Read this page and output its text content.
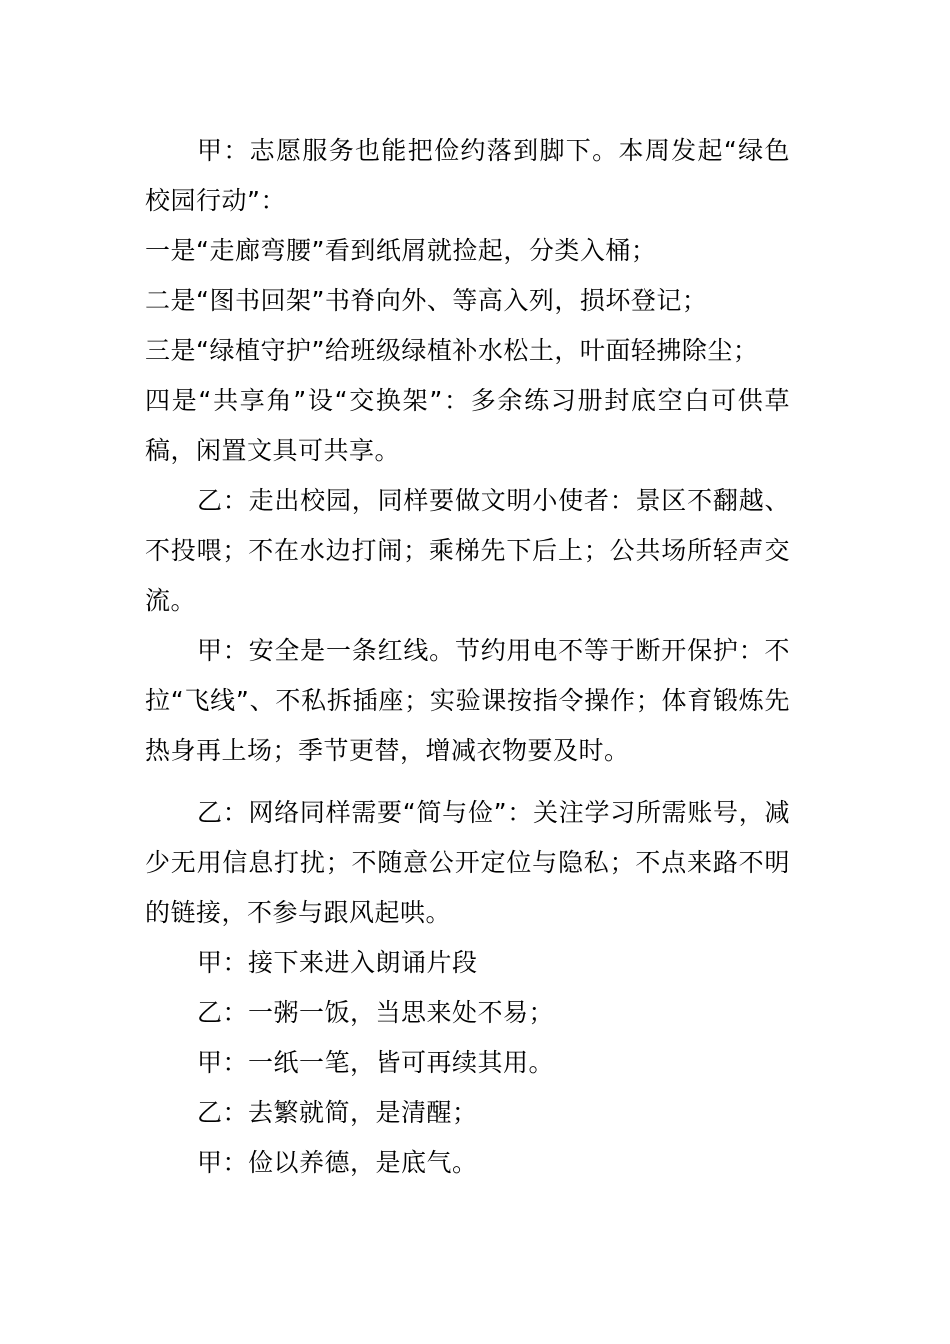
甲：志愿服务也能把俭约落到脚下。本周发起“绿色校园行动”：

一是“走廊弯腰”看到纸屑就捡起，分类入桶；

二是“图书回架”书脊向外、等高入列，损坏登记；

三是“绿植守护”给班级绿植补水松土，叶面轻拂除尘；

四是“共享角”设“交换架”：多余练习册封底空白可供草稿，闲置文具可共享。

乙：走出校园，同样要做文明小使者：景区不翻越、不投喂；不在水边打闹；乘梯先下后上；公共场所轻声交流。

甲：安全是一条红线。节约用电不等于断开保护：不拉“飞线”、不私拆插座；实验课按指令操作；体育锻炼先热身再上场；季节更替，增减衣物要及时。

乙：网络同样需要“简与俭”：关注学习所需账号，减少无用信息打扰；不随意公开定位与隐私；不点来路不明的链接，不参与跟风起哄。

甲：接下来进入朗诵片段

乙：一粥一饭，当思来处不易；

甲：一纸一笔，皆可再续其用。

乙：去繁就简，是清醒；

甲：俭以养德，是底气。
